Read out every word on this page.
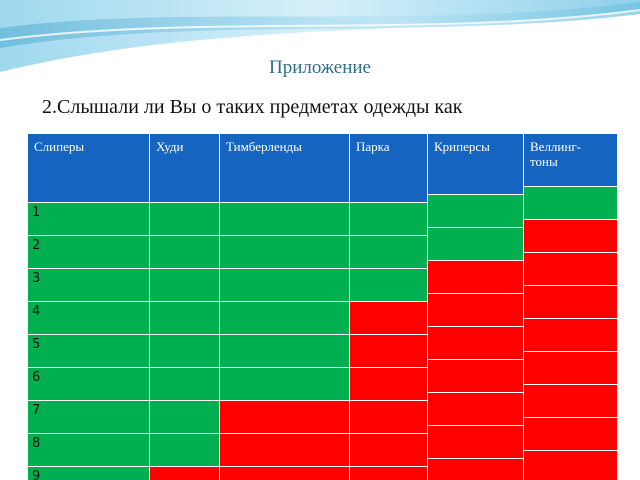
Приложение
2.Слышали ли Вы о таких предметах одежды как
Слиперы	Худи	Тимберленды	Парка	Криперсы	Веллинг-тоны
1
2
3
4
5
6
7
8
9
